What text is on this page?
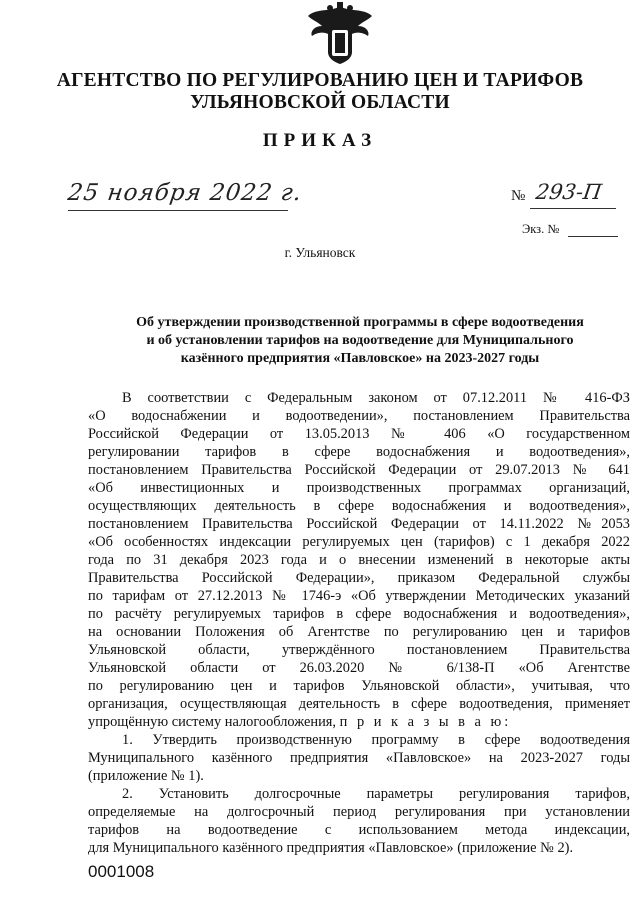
АГЕНТСТВО ПО РЕГУЛИРОВАНИЮ ЦЕН И ТАРИФОВ
УЛЬЯНОВСКОЙ ОБЛАСТИ
ПРИКАЗ
25 ноября 2022 г.	№ 293-П
Экз. №
г. Ульяновск
Об утверждении производственной программы в сфере водоотведения
и об установлении тарифов на водоотведение для Муниципального
казённого предприятия «Павловское» на 2023-2027 годы
В соответствии с Федеральным законом от 07.12.2011 № 416-ФЗ
«О водоснабжении и водоотведении», постановлением Правительства
Российской Федерации от 13.05.2013 № 406 «О государственном
регулировании тарифов в сфере водоснабжения и водоотведения»,
постановлением Правительства Российской Федерации от 29.07.2013 № 641
«Об инвестиционных и производственных программах организаций,
осуществляющих деятельность в сфере водоснабжения и водоотведения»,
постановлением Правительства Российской Федерации от 14.11.2022 №2053
«Об особенностях индексации регулируемых цен (тарифов) с 1 декабря 2022
года по 31 декабря 2023 года и о внесении изменений в некоторые акты
Правительства Российской Федерации», приказом Федеральной службы
по тарифам от 27.12.2013 № 1746-э «Об утверждении Методических указаний
по расчёту регулируемых тарифов в сфере водоснабжения и водоотведения»,
на основании Положения об Агентстве по регулированию цен и тарифов
Ульяновской области, утверждённого постановлением Правительства
Ульяновской области от 26.03.2020 № 6/138-П «Об Агентстве
по регулированию цен и тарифов Ульяновской области», учитывая, что
организация, осуществляющая деятельность в сфере водоотведения, применяет
упрощённую систему налогообложения, п р и к а з ы в а ю:
1. Утвердить производственную программу в сфере водоотведения
Муниципального казённого предприятия «Павловское» на 2023-2027 годы
(приложение № 1).
2. Установить долгосрочные параметры регулирования тарифов,
определяемые на долгосрочный период регулирования при установлении
тарифов на водоотведение с использованием метода индексации,
для Муниципального казённого предприятия «Павловское» (приложение № 2).
0001008
